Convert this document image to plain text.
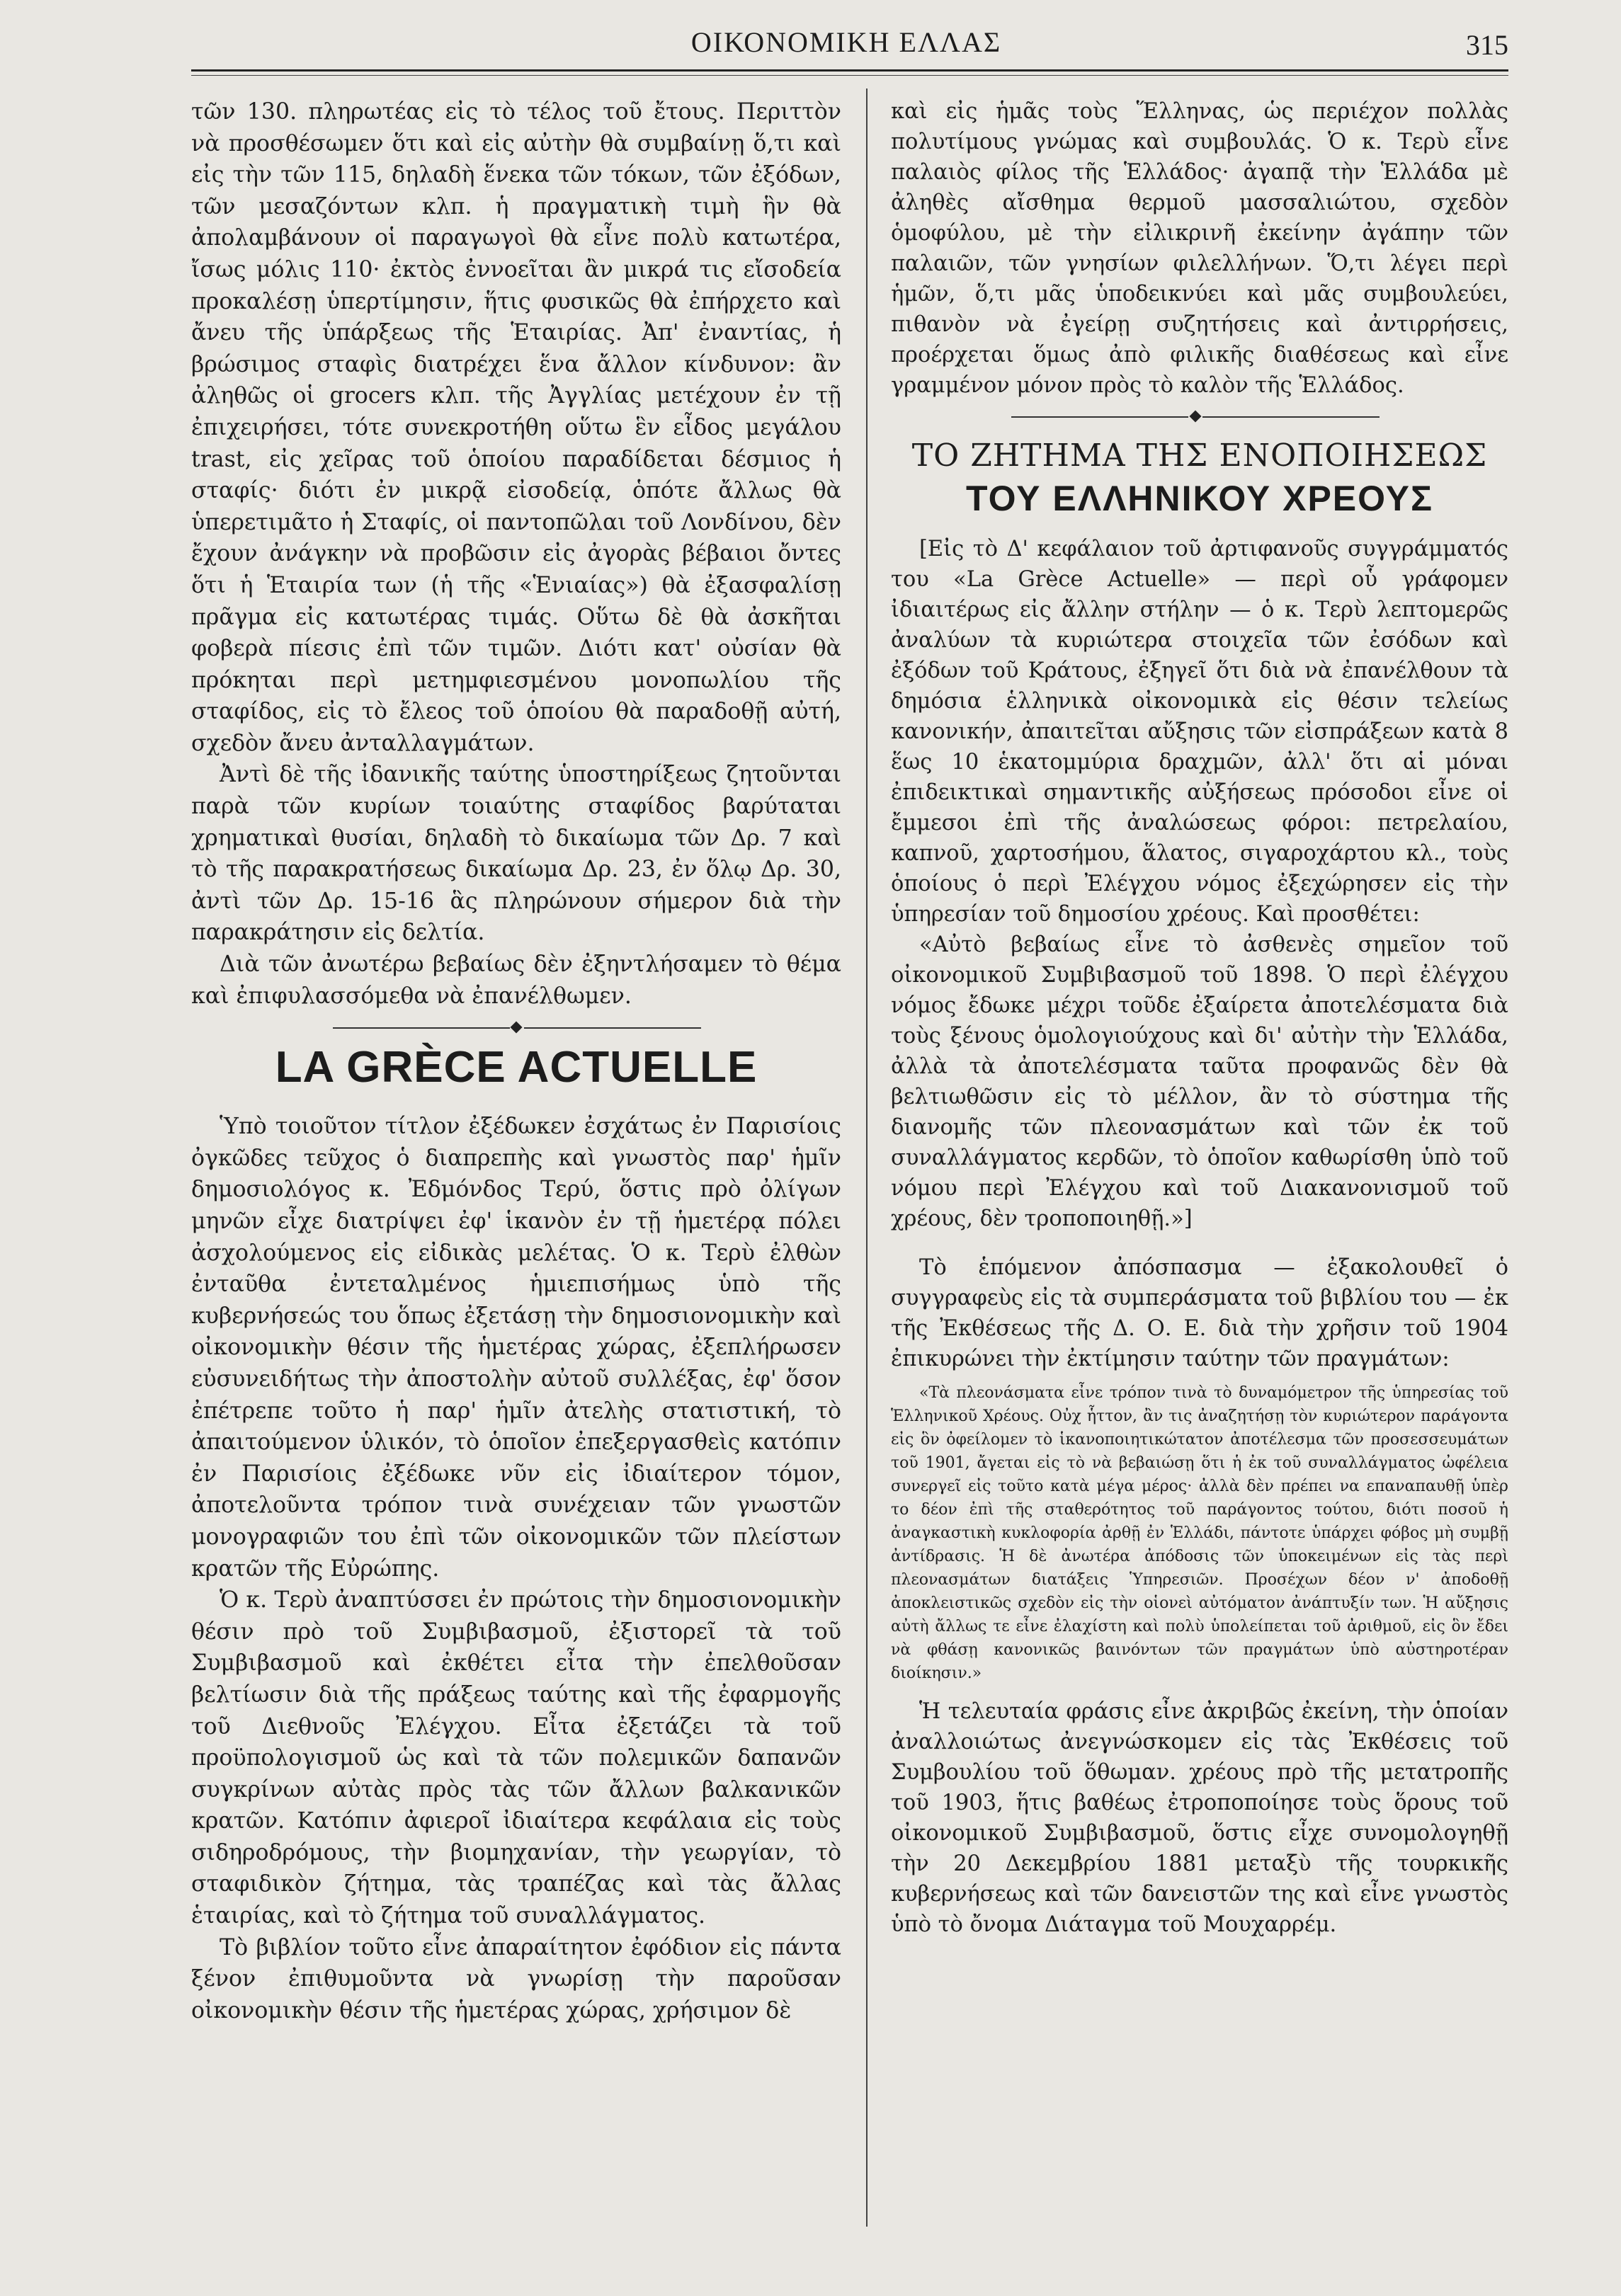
ΟΙΚΟΝΟΜΙΚΗ ΕΛΛΑΣ	315

τῶν 130. πληρωτέας εἰς τὸ τέλος τοῦ ἔτους. Περιττὸν νὰ προσθέσωμεν ὅτι καὶ εἰς αὐτὴν θὰ συμβαίνῃ ὅ,τι καὶ εἰς τὴν τῶν 115, δηλαδὴ ἕνεκα τῶν τόκων, τῶν ἐξόδων, τῶν μεσαζόντων κλπ. ἡ πραγματικὴ τιμὴ ἣν θὰ ἀπολαμβάνουν οἱ παραγωγοὶ θὰ εἶνε πολὺ κατωτέρα, ἴσως μόλις 110· ἐκτὸς ἐννοεῖται ἂν μικρά τις εἴσοδεία προκαλέσῃ ὑπερτίμησιν, ἥτις φυσικῶς θὰ ἐπήρχετο καὶ ἄνευ τῆς ὑπάρξεως τῆς Ἑταιρίας. Ἀπ' ἐναντίας, ἡ βρώσιμος σταφὶς διατρέχει ἕνα ἄλλον κίνδυνον: ἂν ἀληθῶς οἱ grocers κλπ. τῆς Ἀγγλίας μετέχουν ἐν τῇ ἐπιχειρήσει, τότε συνεκροτήθη οὕτω ἓν εἶδος μεγάλου trast, εἰς χεῖρας τοῦ ὁποίου παραδίδεται δέσμιος ἡ σταφίς· διότι ἐν μικρᾷ εἰσοδείᾳ, ὁπότε ἄλλως θὰ ὑπερετιμᾶτο ἡ Σταφίς, οἱ παντοπῶλαι τοῦ Λονδίνου, δὲν ἔχουν ἀνάγκην νὰ προβῶσιν εἰς ἀγορὰς βέβαιοι ὄντες ὅτι ἡ Ἑταιρία των (ἡ τῆς «Ἑνιαίας») θὰ ἐξασφαλίσῃ πρᾶγμα εἰς κατωτέρας τιμάς. Οὕτω δὲ θὰ ἀσκῆται φοβερὰ πίεσις ἐπὶ τῶν τιμῶν. Διότι κατ' οὐσίαν θὰ πρόκηται περὶ μετημφιεσμένου μονοπωλίου τῆς σταφίδος, εἰς τὸ ἔλεος τοῦ ὁποίου θὰ παραδοθῇ αὐτή, σχεδὸν ἄνευ ἀνταλλαγμάτων.

Ἀντὶ δὲ τῆς ἰδανικῆς ταύτης ὑποστηρίξεως ζητοῦνται παρὰ τῶν κυρίων τοιαύτης σταφίδος βαρύταται χρηματικαὶ θυσίαι, δηλαδὴ τὸ δικαίωμα τῶν Δρ. 7 καὶ τὸ τῆς παρακρατήσεως δικαίωμα Δρ. 23, ἐν ὅλῳ Δρ. 30, ἀντὶ τῶν Δρ. 15-16 ἃς πληρώνουν σήμερον διὰ τὴν παρακράτησιν εἰς δελτία.

Διὰ τῶν ἀνωτέρω βεβαίως δὲν ἐξηντλήσαμεν τὸ θέμα καὶ ἐπιφυλασσόμεθα νὰ ἐπανέλθωμεν.

LA GRÈCE ACTUELLE

Ὑπὸ τοιοῦτον τίτλον ἐξέδωκεν ἐσχάτως ἐν Παρισίοις ὀγκῶδες τεῦχος ὁ διαπρεπὴς καὶ γνωστὸς παρ' ἡμῖν δημοσιολόγος κ. Ἐδμόνδος Τερύ, ὅστις πρὸ ὀλίγων μηνῶν εἶχε διατρίψει ἐφ' ἱκανὸν ἐν τῇ ἡμετέρᾳ πόλει ἀσχολούμενος εἰς εἰδικὰς μελέτας. Ὁ κ. Τερὺ ἐλθὼν ἐνταῦθα ἐντεταλμένος ἡμιεπισήμως ὑπὸ τῆς κυβερνήσεώς του ὅπως ἐξετάσῃ τὴν δημοσιονομικὴν καὶ οἰκονομικὴν θέσιν τῆς ἡμετέρας χώρας, ἐξεπλήρωσεν εὐσυνειδήτως τὴν ἀποστολὴν αὐτοῦ συλλέξας, ἐφ' ὅσον ἐπέτρεπε τοῦτο ἡ παρ' ἡμῖν ἀτελὴς στατιστική, τὸ ἀπαιτούμενον ὑλικόν, τὸ ὁποῖον ἐπεξεργασθεὶς κατόπιν ἐν Παρισίοις ἐξέδωκε νῦν εἰς ἰδιαίτερον τόμον, ἀποτελοῦντα τρόπον τινὰ συνέχειαν τῶν γνωστῶν μονογραφιῶν του ἐπὶ τῶν οἰκονομικῶν τῶν πλείστων κρατῶν τῆς Εὐρώπης.

Ὁ κ. Τερὺ ἀναπτύσσει ἐν πρώτοις τὴν δημοσιονομικὴν θέσιν πρὸ τοῦ Συμβιβασμοῦ, ἐξιστορεῖ τὰ τοῦ Συμβιβασμοῦ καὶ ἐκθέτει εἶτα τὴν ἐπελθοῦσαν βελτίωσιν διὰ τῆς πράξεως ταύτης καὶ τῆς ἐφαρμογῆς τοῦ Διεθνοῦς Ἐλέγχου. Εἶτα ἐξετάζει τὰ τοῦ προϋπολογισμοῦ ὡς καὶ τὰ τῶν πολεμικῶν δαπανῶν συγκρίνων αὐτὰς πρὸς τὰς τῶν ἄλλων βαλκανικῶν κρατῶν. Κατόπιν ἀφιεροῖ ἰδιαίτερα κεφάλαια εἰς τοὺς σιδηροδρόμους, τὴν βιομηχανίαν, τὴν γεωργίαν, τὸ σταφιδικὸν ζήτημα, τὰς τραπέζας καὶ τὰς ἄλλας ἑταιρίας, καὶ τὸ ζήτημα τοῦ συναλλάγματος.

Τὸ βιβλίον τοῦτο εἶνε ἀπαραίτητον ἐφόδιον εἰς πάντα ξένον ἐπιθυμοῦντα νὰ γνωρίσῃ τὴν παροῦσαν οἰκονομικὴν θέσιν τῆς ἡμετέρας χώρας, χρήσιμον δὲ

καὶ εἰς ἡμᾶς τοὺς Ἕλληνας, ὡς περιέχον πολλὰς πολυτίμους γνώμας καὶ συμβουλάς. Ὁ κ. Τερὺ εἶνε παλαιὸς φίλος τῆς Ἑλλάδος· ἀγαπᾷ τὴν Ἑλλάδα μὲ ἀληθὲς αἴσθημα θερμοῦ μασσαλιώτου, σχεδὸν ὁμοφύλου, μὲ τὴν εἰλικρινῆ ἐκείνην ἀγάπην τῶν παλαιῶν, τῶν γνησίων φιλελλήνων. Ὅ,τι λέγει περὶ ἡμῶν, ὅ,τι μᾶς ὑποδεικνύει καὶ μᾶς συμβουλεύει, πιθανὸν νὰ ἐγείρῃ συζητήσεις καὶ ἀντιρρήσεις, προέρχεται ὅμως ἀπὸ φιλικῆς διαθέσεως καὶ εἶνε γραμμένον μόνον πρὸς τὸ καλὸν τῆς Ἑλλάδος.

ΤΟ ΖΗΤΗΜΑ ΤΗΣ ΕΝΟΠΟΙΗΣΕΩΣ
ΤΟΥ ΕΛΛΗΝΙΚΟΥ ΧΡΕΟΥΣ

[Εἰς τὸ Δ' κεφάλαιον τοῦ ἀρτιφανοῦς συγγράμματός του «La Grèce Actuelle» — περὶ οὗ γράφομεν ἰδιαιτέρως εἰς ἄλλην στήλην — ὁ κ. Τερὺ λεπτομερῶς ἀναλύων τὰ κυριώτερα στοιχεῖα τῶν ἐσόδων καὶ ἐξόδων τοῦ Κράτους, ἐξηγεῖ ὅτι διὰ νὰ ἐπανέλθουν τὰ δημόσια ἑλληνικὰ οἰκονομικὰ εἰς θέσιν τελείως κανονικήν, ἀπαιτεῖται αὔξησις τῶν εἰσπράξεων κατὰ 8 ἕως 10 ἑκατομμύρια δραχμῶν, ἀλλ' ὅτι αἱ μόναι ἐπιδεικτικαὶ σημαντικῆς αὐξήσεως πρόσοδοι εἶνε οἱ ἔμμεσοι ἐπὶ τῆς ἀναλώσεως φόροι: πετρελαίου, καπνοῦ, χαρτοσήμου, ἅλατος, σιγαροχάρτου κλ., τοὺς ὁποίους ὁ περὶ Ἐλέγχου νόμος ἐξεχώρησεν εἰς τὴν ὑπηρεσίαν τοῦ δημοσίου χρέους. Καὶ προσθέτει:

«Αὐτὸ βεβαίως εἶνε τὸ ἀσθενὲς σημεῖον τοῦ οἰκονομικοῦ Συμβιβασμοῦ τοῦ 1898. Ὁ περὶ ἐλέγχου νόμος ἔδωκε μέχρι τοῦδε ἐξαίρετα ἀποτελέσματα διὰ τοὺς ξένους ὁμολογιούχους καὶ δι' αὐτὴν τὴν Ἑλλάδα, ἀλλὰ τὰ ἀποτελέσματα ταῦτα προφανῶς δὲν θὰ βελτιωθῶσιν εἰς τὸ μέλλον, ἂν τὸ σύστημα τῆς διανομῆς τῶν πλεονασμάτων καὶ τῶν ἐκ τοῦ συναλλάγματος κερδῶν, τὸ ὁποῖον καθωρίσθη ὑπὸ τοῦ νόμου περὶ Ἐλέγχου καὶ τοῦ Διακανονισμοῦ τοῦ χρέους, δὲν τροποποιηθῇ.»]

Τὸ ἑπόμενον ἀπόσπασμα — ἐξακολουθεῖ ὁ συγγραφεὺς εἰς τὰ συμπεράσματα τοῦ βιβλίου του — ἐκ τῆς Ἐκθέσεως τῆς Δ. Ο. Ε. διὰ τὴν χρῆσιν τοῦ 1904 ἐπικυρώνει τὴν ἐκτίμησιν ταύτην τῶν πραγμάτων:

«Τὰ πλεονάσματα εἶνε τρόπον τινὰ τὸ δυναμόμετρον τῆς ὑπηρεσίας τοῦ Ἑλληνικοῦ Χρέους. Οὐχ ἧττον, ἂν τις ἀναζητήσῃ τὸν κυριώτερον παράγοντα εἰς ὃν ὀφείλομεν τὸ ἱκανοποιητικώτατον ἀποτέλεσμα τῶν προσεσσευμάτων τοῦ 1901, ἄγεται εἰς τὸ νὰ βεβαιώσῃ ὅτι ἡ ἐκ τοῦ συναλλάγματος ὠφέλεια συνεργεῖ εἰς τοῦτο κατὰ μέγα μέρος· ἀλλὰ δὲν πρέπει να επαναπαυθῇ ὑπὲρ το δέον ἐπὶ τῆς σταθερότητος τοῦ παράγοντος τούτου, διότι ποσοῦ ἡ ἀναγκαστικὴ κυκλοφορία ἀρθῇ ἐν Ἑλλάδι, πάντοτε ὑπάρχει φόβος μὴ συμβῇ ἀντίδρασις. Ἡ δὲ ἀνωτέρα ἀπόδοσις τῶν ὑποκειμένων εἰς τὰς περὶ πλεονασμάτων διατάξεις Ὑπηρεσιῶν. Προσέχων δέον ν' ἀποδοθῇ ἀποκλειστικῶς σχεδὸν εἰς τὴν οἱονεὶ αὐτόματον ἀνάπτυξίν των. Ἡ αὔξησις αὐτὴ ἄλλως τε εἶνε ἐλαχίστη καὶ πολὺ ὑπολείπεται τοῦ ἀριθμοῦ, εἰς ὃν ἔδει νὰ φθάσῃ κανονικῶς βαινόντων τῶν πραγμάτων ὑπὸ αὐστηροτέραν διοίκησιν.»

Ἡ τελευταία φράσις εἶνε ἀκριβῶς ἐκείνη, τὴν ὁποίαν ἀναλλοιώτως ἀνεγνώσκομεν εἰς τὰς Ἐκθέσεις τοῦ Συμβουλίου τοῦ ὅθωμαν. χρέους πρὸ τῆς μετατροπῆς τοῦ 1903, ἥτις βαθέως ἐτροποποίησε τοὺς ὅρους τοῦ οἰκονομικοῦ Συμβιβασμοῦ, ὅστις εἶχε συνομολογηθῇ τὴν 20 Δεκεμβρίου 1881 μεταξὺ τῆς τουρκικῆς κυβερνήσεως καὶ τῶν δανειστῶν της καὶ εἶνε γνωστὸς ὑπὸ τὸ ὄνομα Διάταγμα τοῦ Μουχαρρέμ.
